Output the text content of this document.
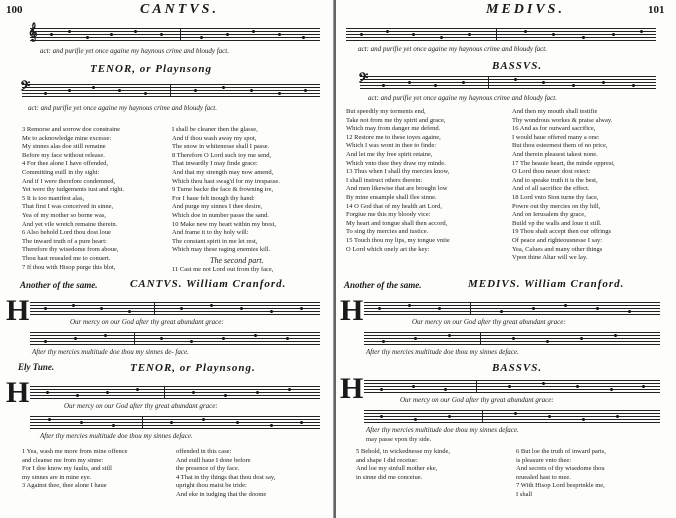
100	CANTVS.
𝄞
act: and purifie yet once againe my haynous crime and bloudy fact.
TENOR, or Playnsong
𝄢
act: and purifie yet once againe my haynous crime and bloudy fact.
3 Remorse and sorrow doe constraine
Me to acknowledge mine excesse:
My sinnes alas doe still remaine
Before my face without release.
4 For thee alone I have offended,
Committing euill in thy sight:
And if I were therefore condemned,
Yet were thy iudgements iust and right.
5 It is too manifest alas,
That first I was conceived in sinne,
Yea of my mother so borne was,
And yet vile wretch remaine therein.
6 Also behold Lord thou dost loue
The inward truth of a pure heart:
Therefore thy wisedome from aboue,
Thou hast reuealed me to conuert.
7 If thou with Hisop purge this blot,
I shall be cleaner then the glasse,
And if thou wash away my spot,
The snow in whitenesse shall I passe.
8 Therefore O Lord such ioy me send,
That inwardly I may finde grace:
And that my strength may now amend,
Which thou hast swag'd for my trespasse.
9 Turne backe the face & frowning ire,
For I haue felt inough thy hand:
And purge my sinnes I thee desire,
Which doe in number passe the sand.
10 Make new my heart within my brest,
And frame it to thy holy will:
The constant spirit in me let rest,
Which may these raging enemies kill.
The second part.
11 Cast me not Lord out from thy face,
Another of the same.	CANTVS. William Cranford.
H	Our mercy on our God after thy great abundant grace:
After thy mercies multitude doe thou my sinnes de- face.
Ely Tune.	TENOR, or Playnsong.
H	Our mercy on our God after thy great abundant grace:
After thy mercies multitude doe thou my sinnes deface.
1 Yea, wash me more from mine offence
and cleanse me from my sinne:
For I doe know my faults, and still
my sinnes are in mine eye.
3 Against thee, thee alone I haue
offended in this case:
And euill haue I done before
the presence of thy face.
4 That in thy things that thou dost say,
upright thou maist be tride:
And eke in iudging that the doome
MEDIVS.	101
act: and purifie yet once againe my haynous crime and bloudy fact.
BASSVS.
𝄢
act: and purifie yet once againe my haynous crime and bloudy fact.
But speedily my torments end,
Take not from me thy spirit and grace,
Which may from danger me defend.
12 Restore me to these ioyes againe,
Which I was wont in thee to finde:
And let me thy free spirit retaine,
Which vnto thee they draw my minde.
13 Thus when I shall thy mercies know,
I shall instruct others therein:
And men likewise that are brought low
By mine ensample shall flee sinne.
14 O God that of my health art Lord,
Forgiue me this my bloody vice:
My heart and tongue shall then accord,
To sing thy mercies and iustice.
15 Touch thou my lips, my tongue vntie
O Lord which onely art the key:
And then my mouth shall testifie
Thy wondrous workes & praise alway.
16 And as for outward sacrifice,
I would haue offered many a one:
But thou esteemest them of no price,
And therein pleasest takest none.
17 The heauie heart, the minde opprest,
O Lord thou neuer dost reiect:
And to speake truth it is the best,
And of all sacrifice the effect.
18 Lord vnto Sion turne thy face,
Powre out thy mercies on thy hill,
And on Ierusalem thy grace,
Build vp the walls and loue it still.
19 Thou shalt accept then our offrings
Of peace and righteousnesse I say:
Yea, Calues and many other things
Vpon thine Altar will we lay.
Another of the same.	MEDIVS. William Cranford.
H	Our mercy on our God after thy great abundant grace:
After thy mercies multitude doe thou my sinnes deface.
BASSVS.
H	Our mercy on our God after thy great abundant grace:
After thy mercies multitude doe thou my sinnes deface.
may passe vpon thy side.
5 Behold, in wickednesse my kinde,
and shape I did receiue:
And loe my sinfull mother eke,
in sinne did me conceiue.
6 But loe the truth of inward parts,
is pleasure vnto thee:
And secrets of thy wisedome thou
reuealed hast to mee.
7 With Hisop Lord besprinkle me,
I shall
